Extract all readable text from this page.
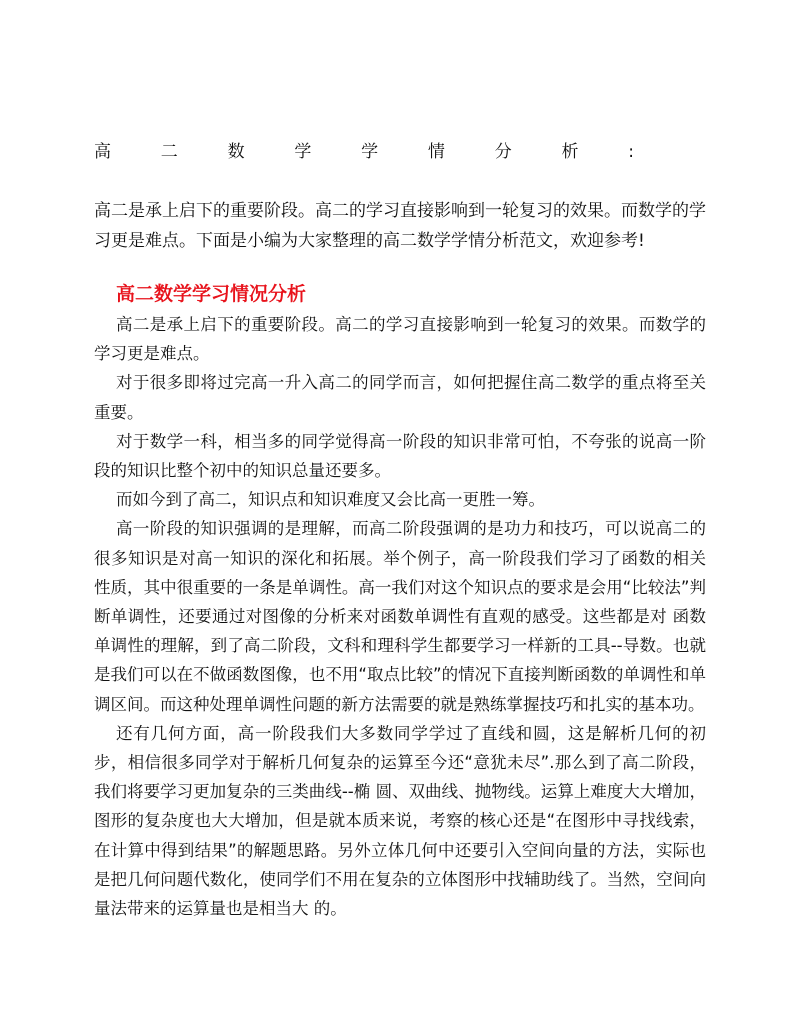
高	二	数	学	学	情	分	析	:
高二是承上启下的重要阶段。高二的学习直接影响到一轮复习的效果。而数学的学习更是难点。下面是小编为大家整理的高二数学学情分析范文，欢迎参考!
高二数学学习情况分析

高二是承上启下的重要阶段。高二的学习直接影响到一轮复习的效果。而数学的学习更是难点。

对于很多即将过完高一升入高二的同学而言，如何把握住高二数学的重点将至关重要。

对于数学一科，相当多的同学觉得高一阶段的知识非常可怕，不夸张的说高一阶段的知识比整个初中的知识总量还要多。

而如今到了高二，知识点和知识难度又会比高一更胜一筹。

高一阶段的知识强调的是理解，而高二阶段强调的是功力和技巧，可以说高二的很多知识是对高一知识的深化和拓展。举个例子，高一阶段我们学习了函数的相关 性质，其中很重要的一条是单调性。高一我们对这个知识点的要求是会用“比较法”判断单调性，还要通过对图像的分析来对函数单调性有直观的感受。这些都是对 函数单调性的理解，到了高二阶段，文科和理科学生都要学习一样新的工具--导数。也就是我们可以在不做函数图像，也不用“取点比较”的情况下直接判断函数的单调性和单调区间。而这种处理单调性问题的新方法需要的就是熟练掌握技巧和扎实的基本功。

还有几何方面，高一阶段我们大多数同学学过了直线和圆，这是解析几何的初步，相信很多同学对于解析几何复杂的运算至今还“意犹未尽”.那么到了高二阶段，我们将要学习更加复杂的三类曲线--椭 圆、双曲线、抛物线。运算上难度大大增加，图形的复杂度也大大增加，但是就本质来说，考察的核心还是“在图形中寻找线索，在计算中得到结果”的解题思路。另外立体几何中还要引入空间向量的方法，实际也是把几何问题代数化，使同学们不用在复杂的立体图形中找辅助线了。当然，空间向量法带来的运算量也是相当大 的。
